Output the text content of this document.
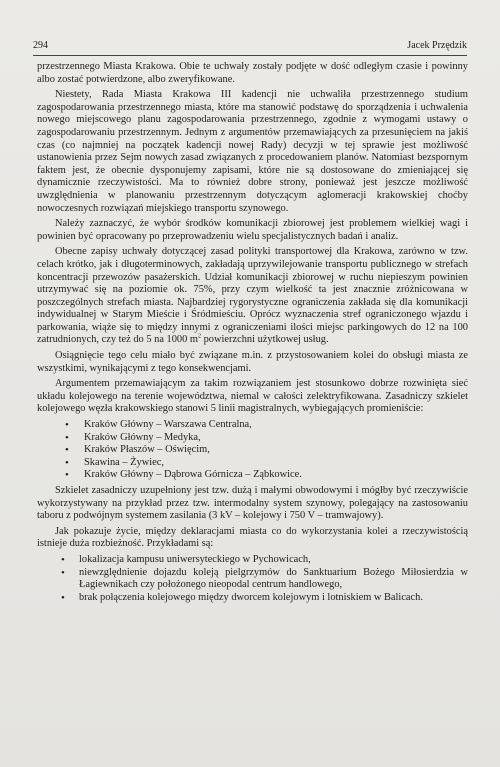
294	Jacek Przędzik

przestrzennego Miasta Krakowa. Obie te uchwały zostały podjęte w dość odległym czasie i powinny albo zostać potwierdzone, albo zweryfikowane.

Niestety, Rada Miasta Krakowa III kadencji nie uchwaliła przestrzennego studium zagospodarowania przestrzennego miasta, które ma stanowić podstawę do sporządzenia i uchwalenia nowego miejscowego planu zagospodarowania przestrzennego, zgodnie z wymogami ustawy o zagospodarowaniu przestrzennym. Jednym z argumentów przemawiających za przesunięciem na jakiś czas (co najmniej na początek kadencji nowej Rady) decyzji w tej sprawie jest możliwość ustanowienia przez Sejm nowych zasad związanych z procedowaniem planów. Natomiast bezspornym faktem jest, że obecnie dysponujemy zapisami, które nie są dostosowane do zmieniającej się dynamicznie rzeczywistości. Ma to również dobre strony, ponieważ jest jeszcze możliwość uwzględnienia w planowaniu przestrzennym dotyczącym aglomeracji krakowskiej choćby nowoczesnych rozwiązań miejskiego transportu szynowego.

Należy zaznaczyć, że wybór środków komunikacji zbiorowej jest problemem wielkiej wagi i powinien być opracowany po przeprowadzeniu wielu specjalistycznych badań i analiz.

Obecne zapisy uchwały dotyczącej zasad polityki transportowej dla Krakowa, zarówno w tzw. celach krótko, jak i długoterminowych, zakładają uprzywilejowanie transportu publicznego w strefach koncentracji przewozów pasażerskich. Udział komunikacji zbiorowej w ruchu niepieszym powinien utrzymywać się na poziomie ok. 75%, przy czym wielkość ta jest znacznie zróżnicowana w poszczególnych strefach miasta. Najbardziej rygorystyczne ograniczenia zakłada się dla komunikacji indywidualnej w Starym Mieście i Śródmieściu. Oprócz wyznaczenia stref ograniczonego wjazdu i parkowania, wiąże się to między innymi z ograniczeniami ilości miejsc parkingowych do 12 na 100 zatrudnionych, czy też do 5 na 1000 $m^2$ powierzchni użytkowej usług.

Osiągnięcie tego celu miało być związane m.in. z przystosowaniem kolei do obsługi miasta ze wszystkimi, wynikającymi z tego konsekwencjami.

Argumentem przemawiającym za takim rozwiązaniem jest stosunkowo dobrze rozwinięta sieć układu kolejowego na terenie województwa, niemal w całości zelektryfikowana. Zasadniczy szkielet kolejowego węzła krakowskiego stanowi 5 linii magistralnych, wybiegających promieniście:

• Kraków Główny – Warszawa Centralna,
• Kraków Główny – Medyka,
• Kraków Płaszów – Oświęcim,
• Skawina – Żywiec,
• Kraków Główny – Dąbrowa Górnicza – Ząbkowice.

Szkielet zasadniczy uzupełniony jest tzw. dużą i małymi obwodowymi i mógłby być rzeczywiście wykorzystywany na przykład przez tzw. intermodalny system szynowy, polegający na zastosowaniu taboru z podwójnym systemem zasilania (3 kV – kolejowy i 750 V – tramwajowy).

Jak pokazuje życie, między deklaracjami miasta co do wykorzystania kolei a rzeczywistością istnieje duża rozbieżność. Przykładami są:

• lokalizacja kampusu uniwersyteckiego w Pychowicach,
• niewzględnienie dojazdu koleją pielgrzymów do Sanktuarium Bożego Miłosierdzia w Łagiewnikach czy położonego nieopodal centrum handlowego,
• brak połączenia kolejowego między dworcem kolejowym i lotniskiem w Balicach.
